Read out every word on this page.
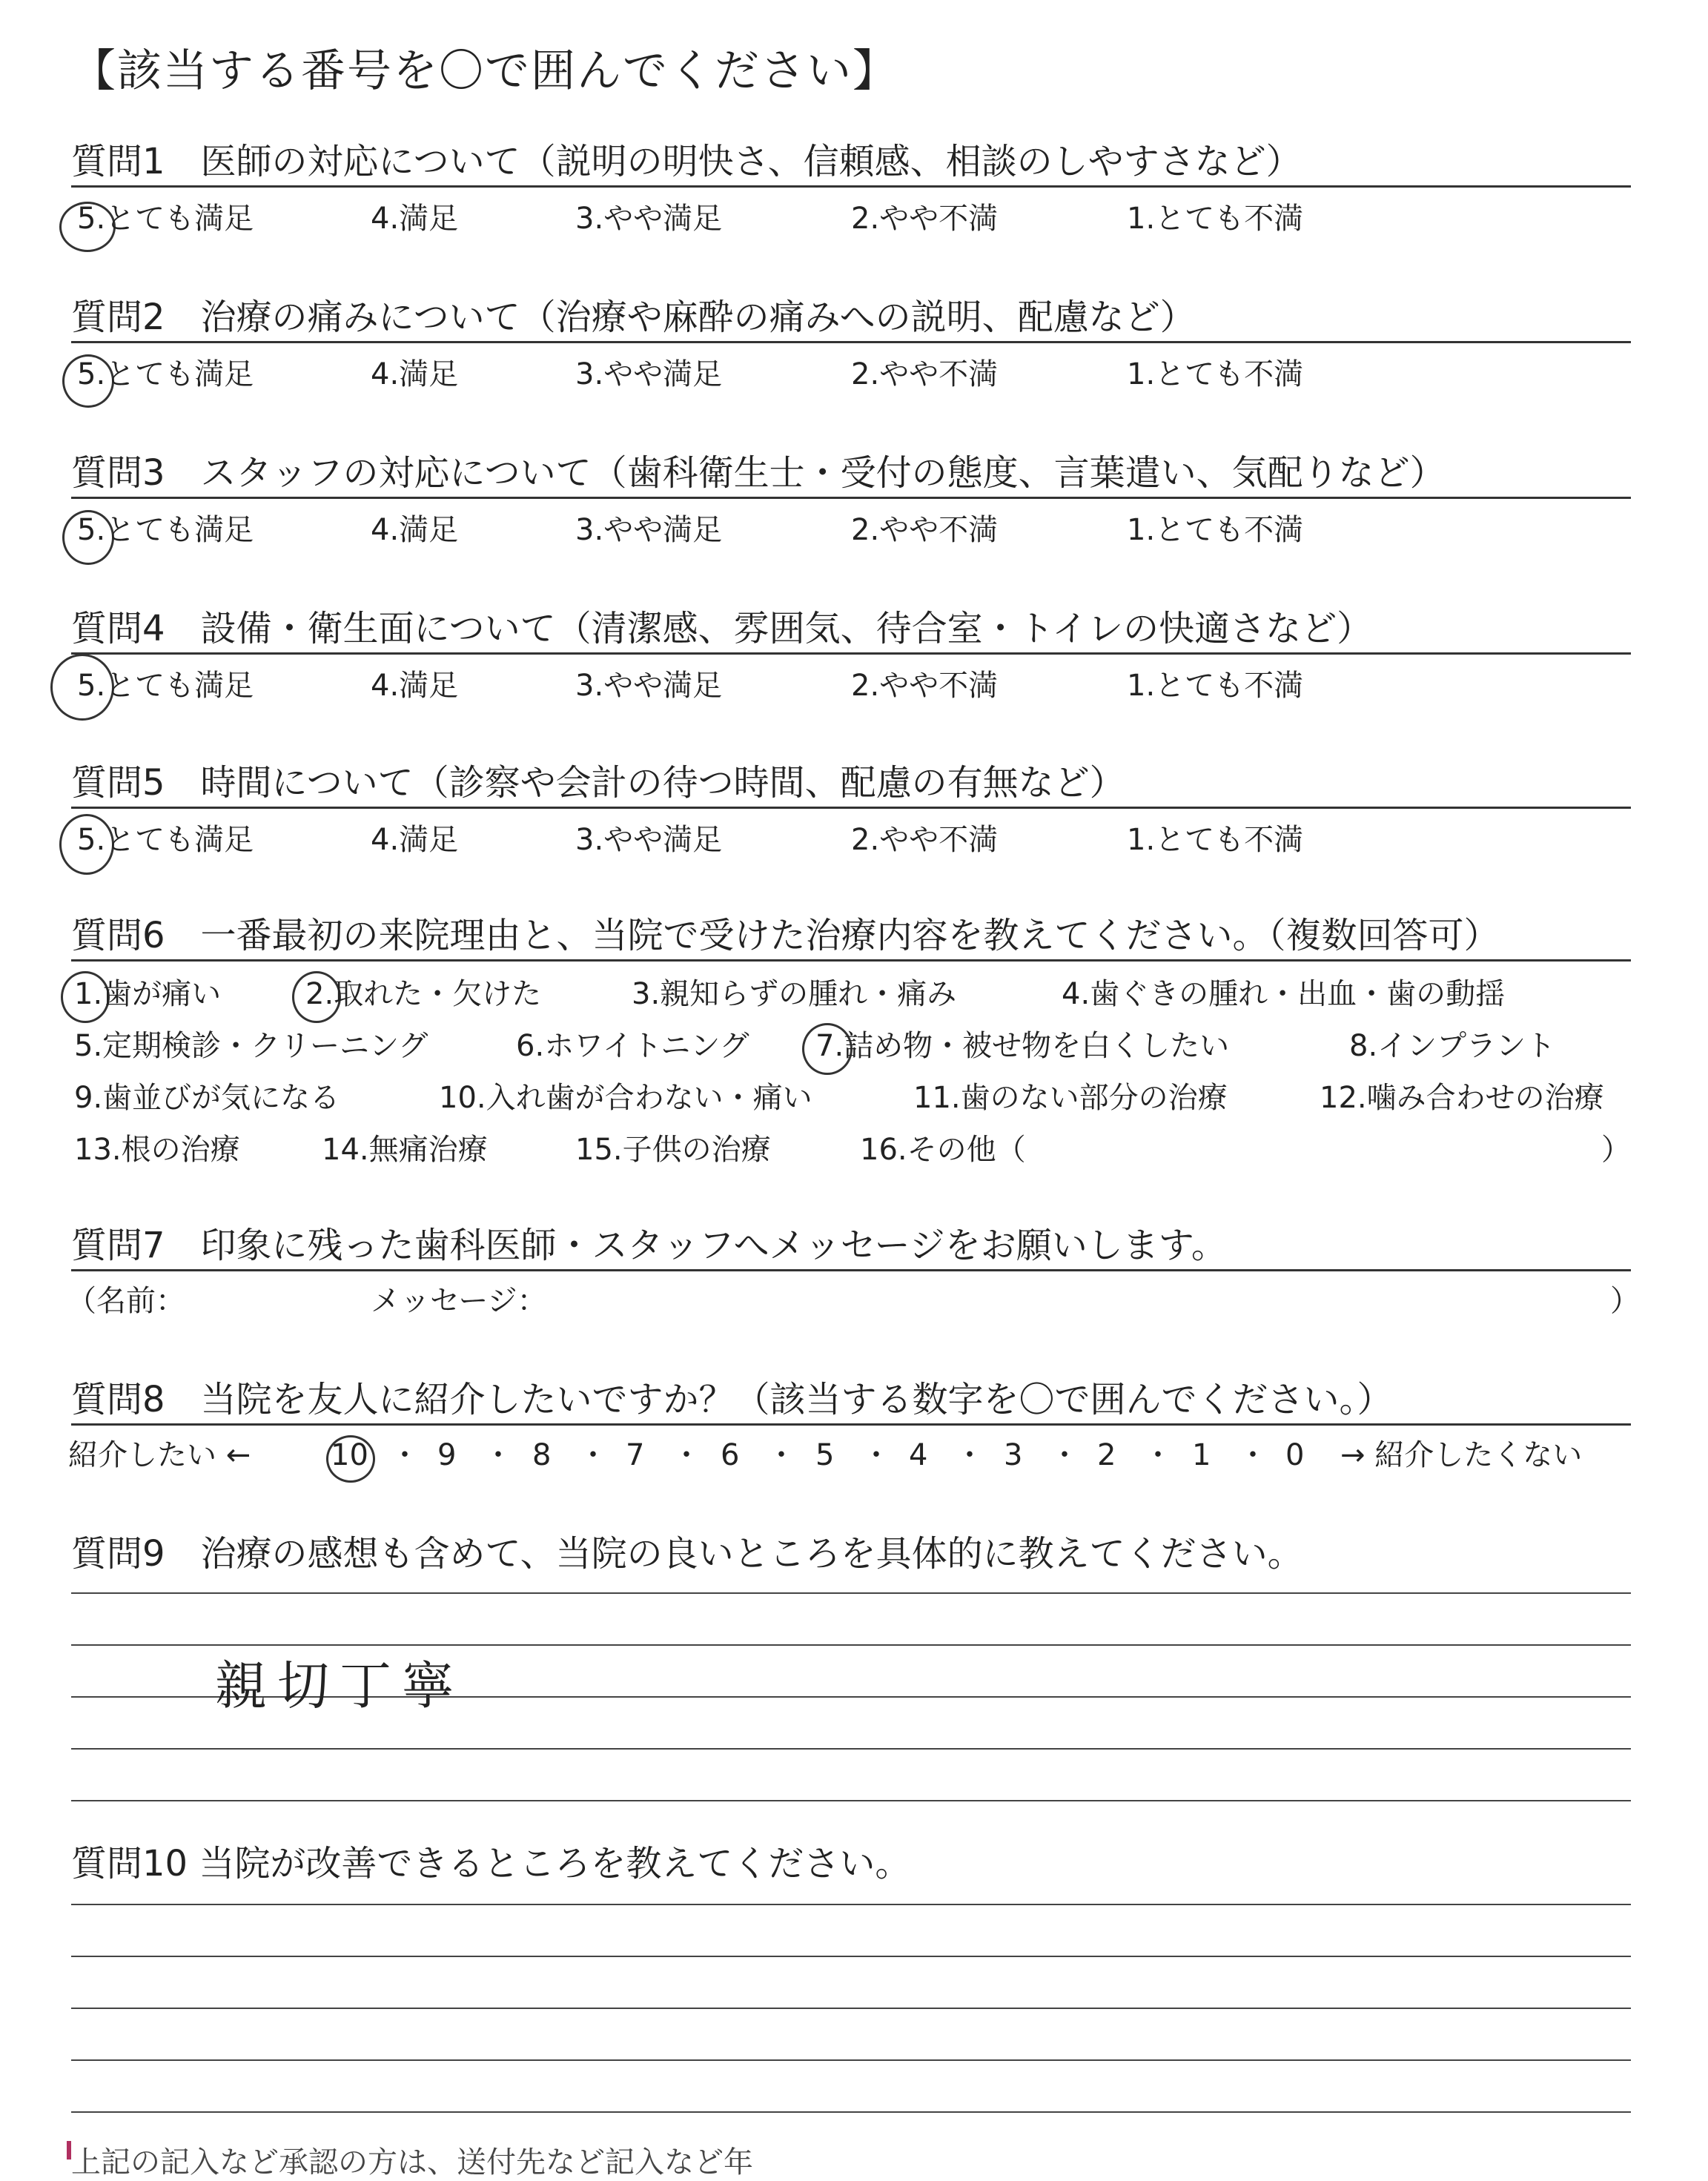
【該当する番号を〇で囲んでください】
質問1　医師の対応について（説明の明快さ、信頼感、相談のしやすさなど）
5.とても満足	4.満足	3.やや満足	2.やや不満	1.とても不満
質問2　治療の痛みについて（治療や麻酔の痛みへの説明、配慮など）
5.とても満足	4.満足	3.やや満足	2.やや不満	1.とても不満
質問3　スタッフの対応について（歯科衛生士・受付の態度、言葉遣い、気配りなど）
5.とても満足	4.満足	3.やや満足	2.やや不満	1.とても不満
質問4　設備・衛生面について（清潔感、雰囲気、待合室・トイレの快適さなど）
5.とても満足	4.満足	3.やや満足	2.やや不満	1.とても不満
質問5　時間について（診察や会計の待つ時間、配慮の有無など）
5.とても満足	4.満足	3.やや満足	2.やや不満	1.とても不満
質問6　一番最初の来院理由と、当院で受けた治療内容を教えてください。（複数回答可）
1.歯が痛い	2.取れた・欠けた	3.親知らずの腫れ・痛み	4.歯ぐきの腫れ・出血・歯の動揺
5.定期検診・クリーニング	6.ホワイトニング 7.詰め物・被せ物を白くしたい	8.インプラント
9.歯並びが気になる	10.入れ歯が合わない・痛い	11.歯のない部分の治療	12.噛み合わせの治療
13.根の治療	14.無痛治療	15.子供の治療	16.その他（	）
質問7　印象に残った歯科医師・スタッフへメッセージをお願いします。
（名前：	メッセージ：	）
質問8　当院を友人に紹介したいですか？（該当する数字を〇で囲んでください。）
紹介したい ←	10 ・ 9 ・ 8 ・ 7 ・ 6 ・ 5 ・ 4 ・ 3 ・ 2 ・ 1 ・ 0 → 紹介したくない
質問9　治療の感想も含めて、当院の良いところを具体的に教えてください。
親切丁寧
質問10 当院が改善できるところを教えてください。
上記の記入など承認の方は、送付先など記入など年
